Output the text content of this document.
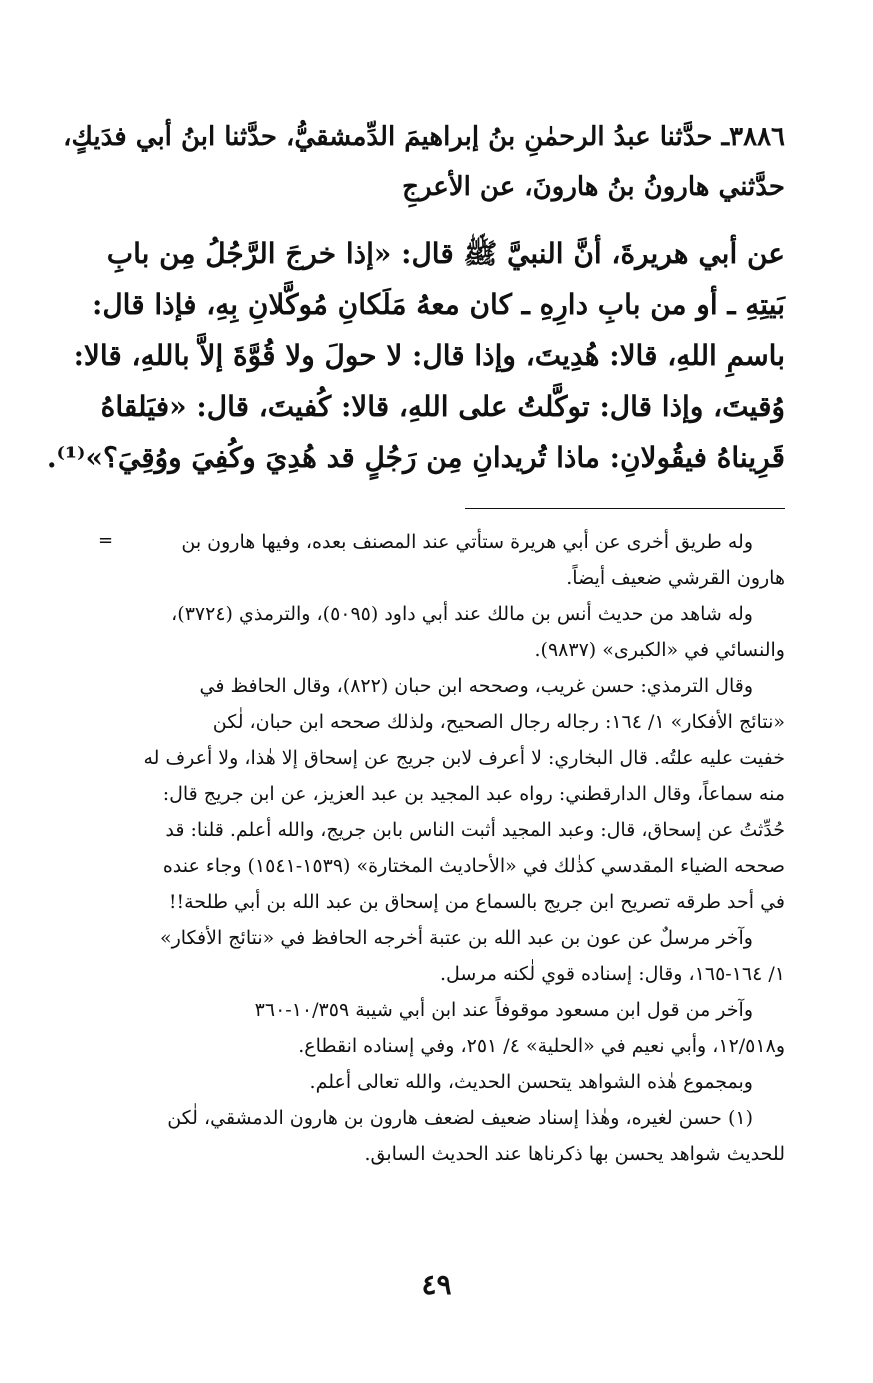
٣٨٨٦ـ حدَّثنا عبدُ الرحمٰنِ بنُ إبراهيمَ الدِّمشقيُّ، حدَّثنا ابنُ أبي فدَيكٍ،
حدَّثني هارونُ بنُ هارونَ، عن الأعرجِ
عن أبي هريرةَ، أنَّ النبيَّ ﷺ قال: «إذا خرجَ الرَّجُلُ مِن بابِ
بَيتِهِ ـ أو من بابِ دارِهِ ـ كان معهُ مَلَكانِ مُوكَّلانِ بِهِ، فإذا قال:
باسمِ اللهِ، قالا: هُدِيتَ، وإذا قال: لا حولَ ولا قُوَّةَ إلاَّ باللهِ، قالا:
وُقيتَ، وإذا قال: توكَّلتُ على اللهِ، قالا: كُفيتَ، قال: «فيَلقاهُ
قَرِيناهُ فيقُولانِ: ماذا تُريدانِ مِن رَجُلٍ قد هُدِيَ وكُفِيَ ووُقِيَ؟»⁽¹⁾.
=	وله طريق أخرى عن أبي هريرة ستأتي عند المصنف بعده، وفيها هارون بن
هارون القرشي ضعيف أيضاً.
وله شاهد من حديث أنس بن مالك عند أبي داود (٥٠٩٥)، والترمذي (٣٧٢٤)،
والنسائي في «الكبرى» (٩٨٣٧).
وقال الترمذي: حسن غريب، وصححه ابن حبان (٨٢٢)، وقال الحافظ في
«نتائج الأفكار» ١/ ١٦٤: رجاله رجال الصحيح، ولذلك صححه ابن حبان، لٰكن
خفيت عليه علتُه. قال البخاري: لا أعرف لابن جريج عن إسحاق إلا هٰذا، ولا أعرف له
منه سماعاً، وقال الدارقطني: رواه عبد المجيد بن عبد العزيز، عن ابن جريج قال:
حُدِّثتُ عن إسحاق، قال: وعبد المجيد أثبت الناس بابن جريج، والله أعلم. قلنا: قد
صححه الضياء المقدسي كذٰلك في «الأحاديث المختارة» (١٥٣٩-١٥٤١) وجاء عنده
في أحد طرقه تصريح ابن جريج بالسماع من إسحاق بن عبد الله بن أبي طلحة!!
وآخر مرسلٌ عن عون بن عبد الله بن عتبة أخرجه الحافظ في «نتائج الأفكار»
١/ ١٦٤-١٦٥، وقال: إسناده قوي لٰكنه مرسل.
وآخر من قول ابن مسعود موقوفاً عند ابن أبي شيبة ١٠/٣٥٩-٣٦٠
و١٢/٥١٨، وأبي نعيم في «الحلية» ٤/ ٢٥١، وفي إسناده انقطاع.
وبمجموع هٰذه الشواهد يتحسن الحديث، والله تعالى أعلم.
(١) حسن لغيره، وهٰذا إسناد ضعيف لضعف هارون بن هارون الدمشقي، لٰكن
للحديث شواهد يحسن بها ذكرناها عند الحديث السابق.
٤٩
